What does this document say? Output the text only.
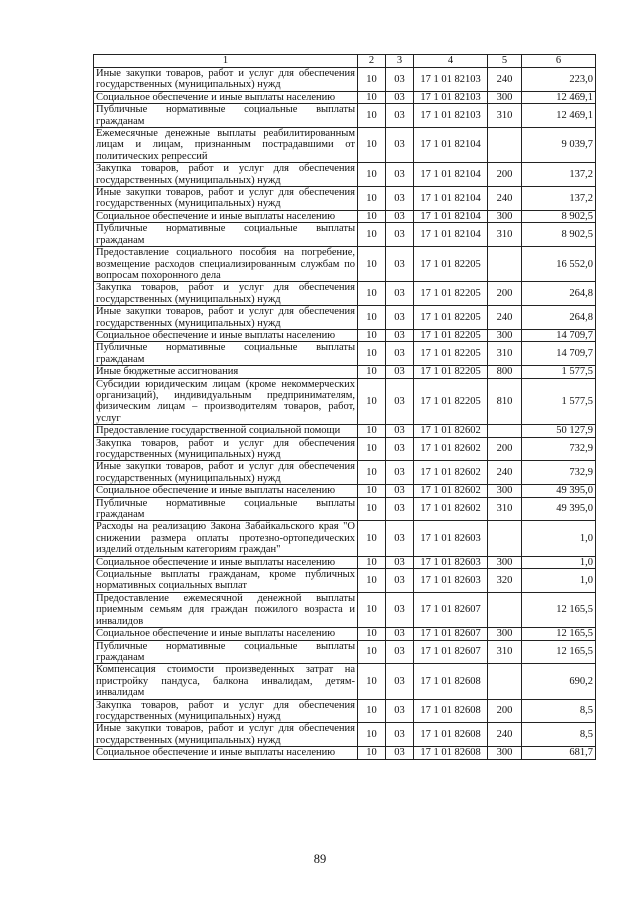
1	2	3	4	5	6
Иные закупки товаров, работ и услуг для обеспечения государственных (муниципальных) нужд	10	03	17 1 01 82103	240	223,0
Социальное обеспечение и иные выплаты населению	10	03	17 1 01 82103	300	12 469,1
Публичные нормативные социальные выплаты гражданам	10	03	17 1 01 82103	310	12 469,1
Ежемесячные денежные выплаты реабилитированным лицам и лицам, признанным пострадавшими от политических репрессий	10	03	17 1 01 82104		9 039,7
Закупка товаров, работ и услуг для обеспечения государственных (муниципальных) нужд	10	03	17 1 01 82104	200	137,2
Иные закупки товаров, работ и услуг для обеспечения государственных (муниципальных) нужд	10	03	17 1 01 82104	240	137,2
Социальное обеспечение и иные выплаты населению	10	03	17 1 01 82104	300	8 902,5
Публичные нормативные социальные выплаты гражданам	10	03	17 1 01 82104	310	8 902,5
Предоставление социального пособия на погребение, возмещение расходов специализированным службам по вопросам похоронного дела	10	03	17 1 01 82205		16 552,0
Закупка товаров, работ и услуг для обеспечения государственных (муниципальных) нужд	10	03	17 1 01 82205	200	264,8
Иные закупки товаров, работ и услуг для обеспечения государственных (муниципальных) нужд	10	03	17 1 01 82205	240	264,8
Социальное обеспечение и иные выплаты населению	10	03	17 1 01 82205	300	14 709,7
Публичные нормативные социальные выплаты гражданам	10	03	17 1 01 82205	310	14 709,7
Иные бюджетные ассигнования	10	03	17 1 01 82205	800	1 577,5
Субсидии юридическим лицам (кроме некоммерческих организаций), индивидуальным предпринимателям, физическим лицам – производителям товаров, работ, услуг	10	03	17 1 01 82205	810	1 577,5
Предоставление государственной социальной помощи	10	03	17 1 01 82602		50 127,9
Закупка товаров, работ и услуг для обеспечения государственных (муниципальных) нужд	10	03	17 1 01 82602	200	732,9
Иные закупки товаров, работ и услуг для обеспечения государственных (муниципальных) нужд	10	03	17 1 01 82602	240	732,9
Социальное обеспечение и иные выплаты населению	10	03	17 1 01 82602	300	49 395,0
Публичные нормативные социальные выплаты гражданам	10	03	17 1 01 82602	310	49 395,0
Расходы на реализацию Закона Забайкальского края "О снижении размера оплаты протезно-ортопедических изделий отдельным категориям граждан"	10	03	17 1 01 82603		1,0
Социальное обеспечение и иные выплаты населению	10	03	17 1 01 82603	300	1,0
Социальные выплаты гражданам, кроме публичных нормативных социальных выплат	10	03	17 1 01 82603	320	1,0
Предоставление ежемесячной денежной выплаты приемным семьям для граждан пожилого возраста и инвалидов	10	03	17 1 01 82607		12 165,5
Социальное обеспечение и иные выплаты населению	10	03	17 1 01 82607	300	12 165,5
Публичные нормативные социальные выплаты гражданам	10	03	17 1 01 82607	310	12 165,5
Компенсация стоимости произведенных затрат на пристройку пандуса, балкона инвалидам, детям-инвалидам	10	03	17 1 01 82608		690,2
Закупка товаров, работ и услуг для обеспечения государственных (муниципальных) нужд	10	03	17 1 01 82608	200	8,5
Иные закупки товаров, работ и услуг для обеспечения государственных (муниципальных) нужд	10	03	17 1 01 82608	240	8,5
Социальное обеспечение и иные выплаты населению	10	03	17 1 01 82608	300	681,7
89
